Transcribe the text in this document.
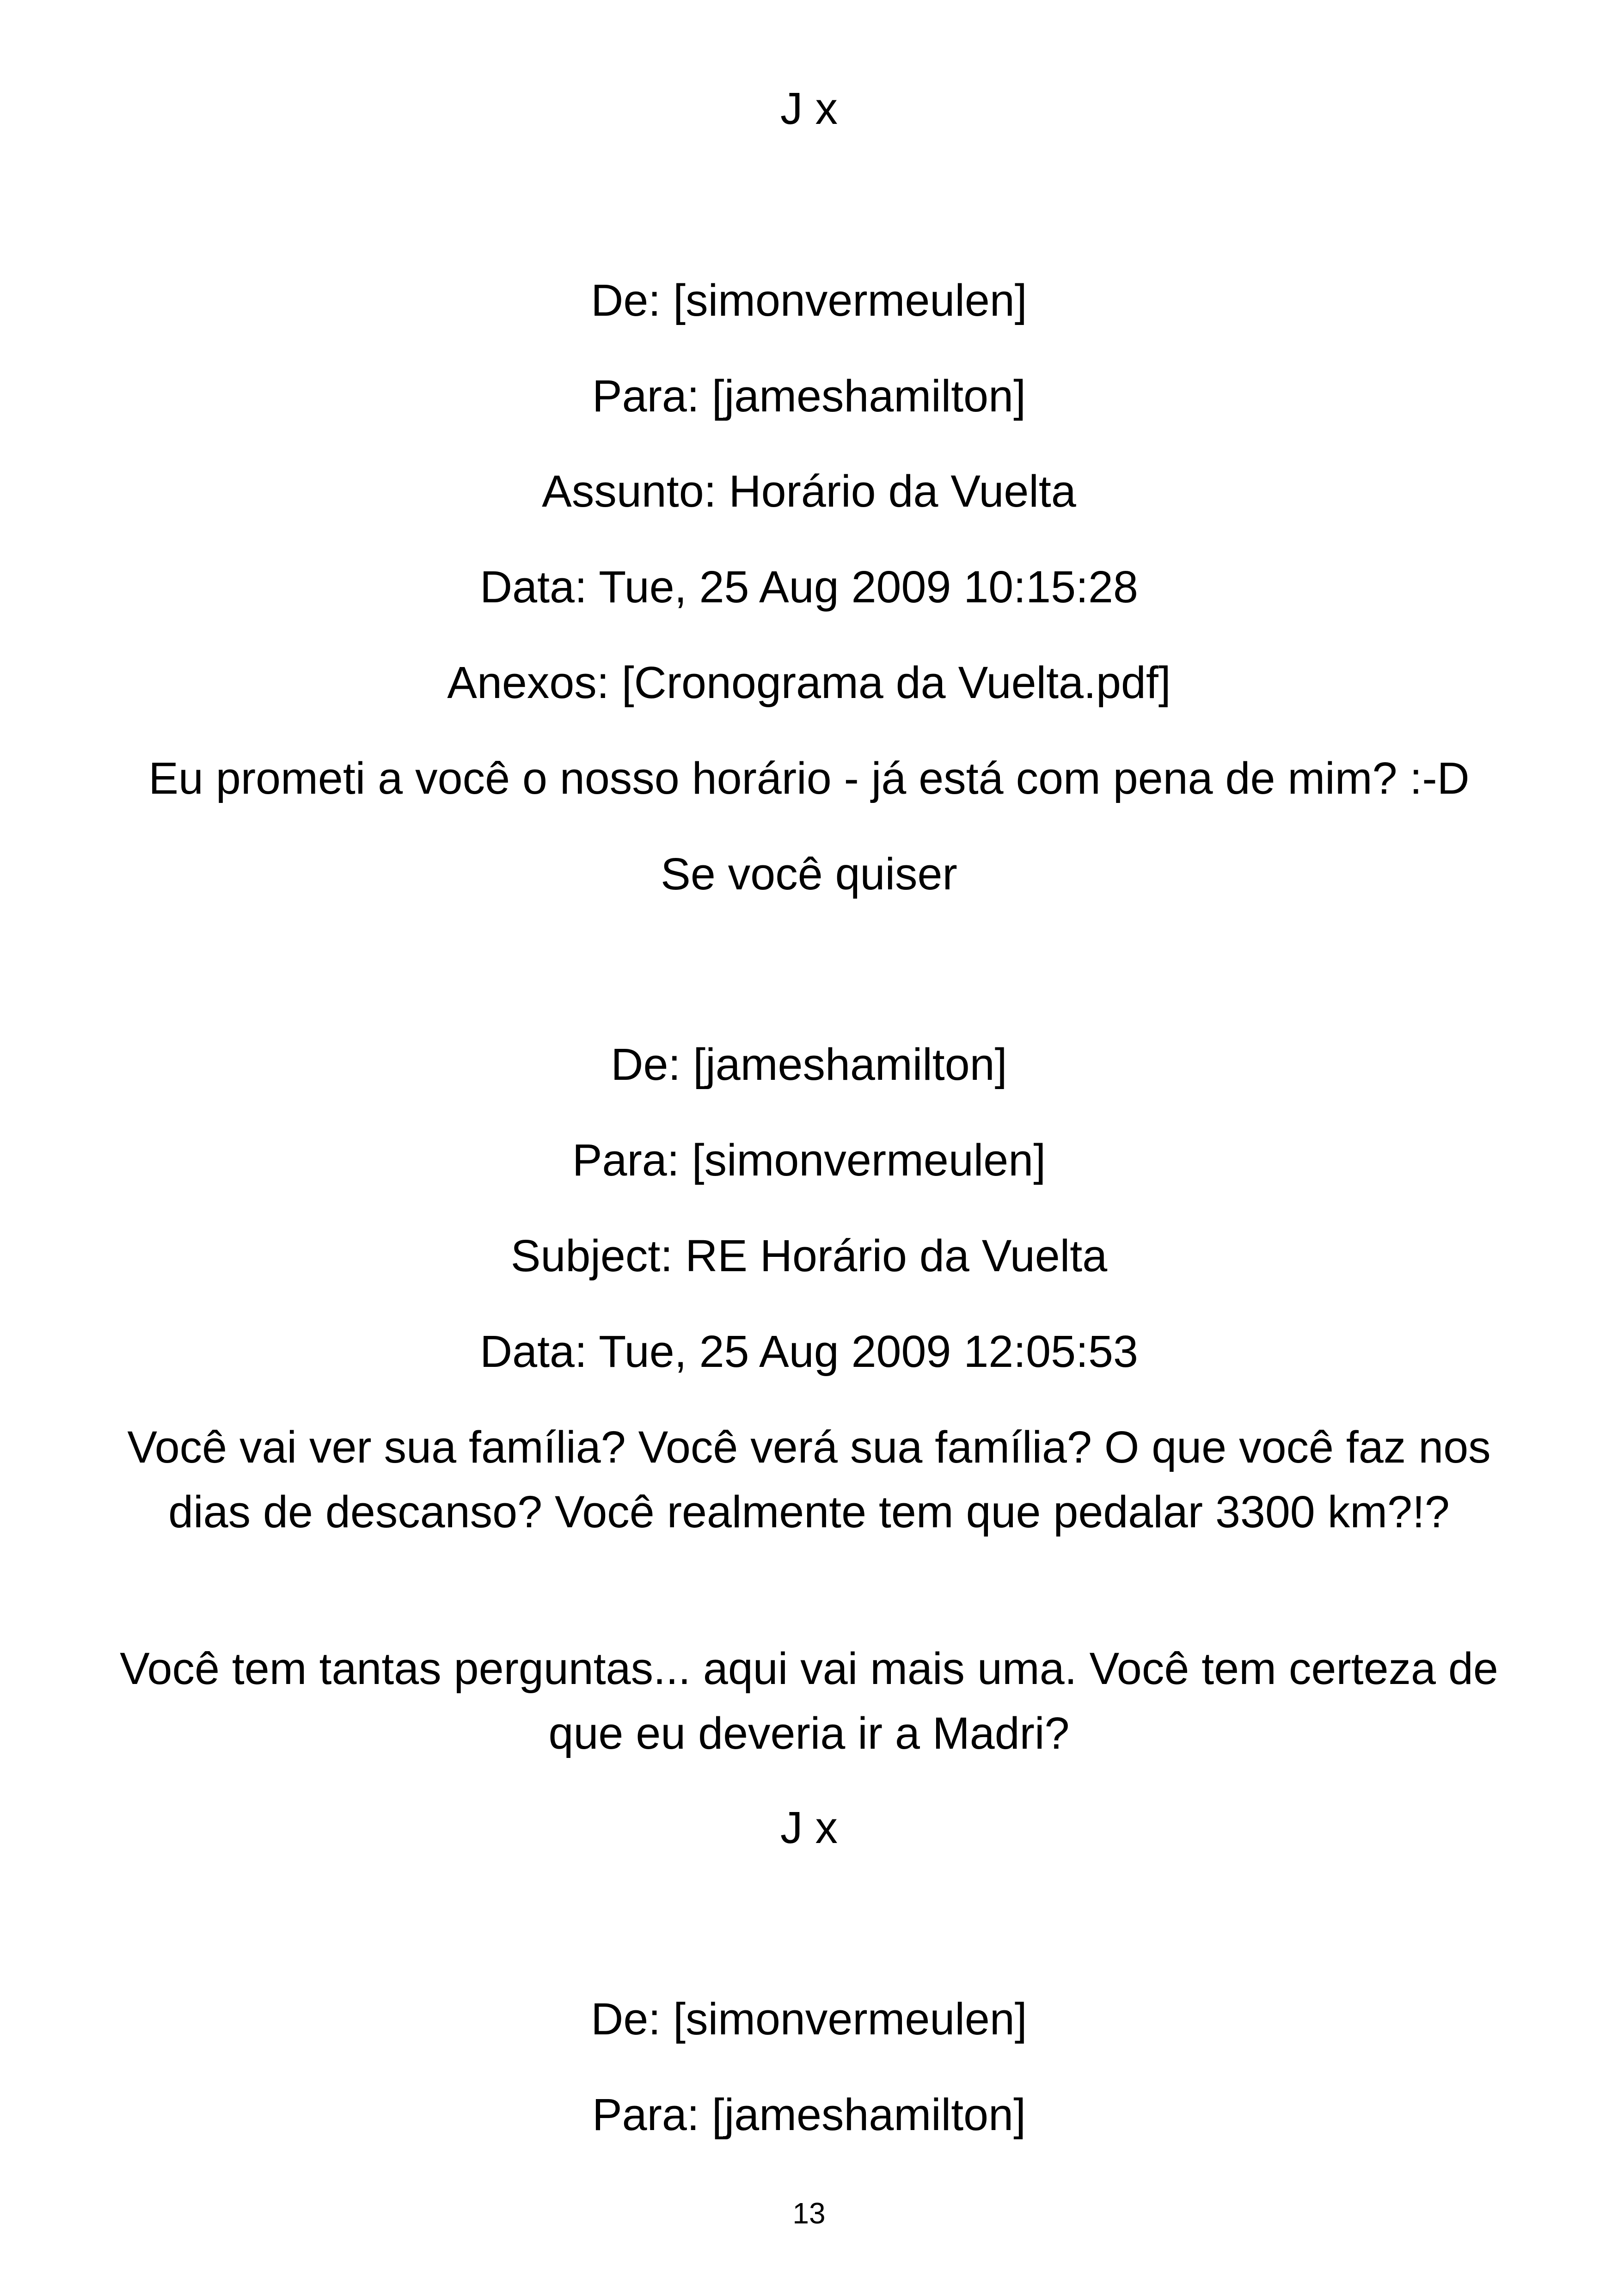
J x
De: [simonvermeulen]
Para: [jameshamilton]
Assunto: Horário da Vuelta
Data: Tue, 25 Aug 2009 10:15:28
Anexos: [Cronograma da Vuelta.pdf]
Eu prometi a você o nosso horário - já está com pena de mim? :-D
Se você quiser
De: [jameshamilton]
Para: [simonvermeulen]
Subject: RE Horário da Vuelta
Data: Tue, 25 Aug 2009 12:05:53
Você vai ver sua família? Você verá sua família? O que você faz nos dias de descanso? Você realmente tem que pedalar 3300 km?!?
Você tem tantas perguntas... aqui vai mais uma. Você tem certeza de que eu deveria ir a Madri?
J x
De: [simonvermeulen]
Para: [jameshamilton]
13
